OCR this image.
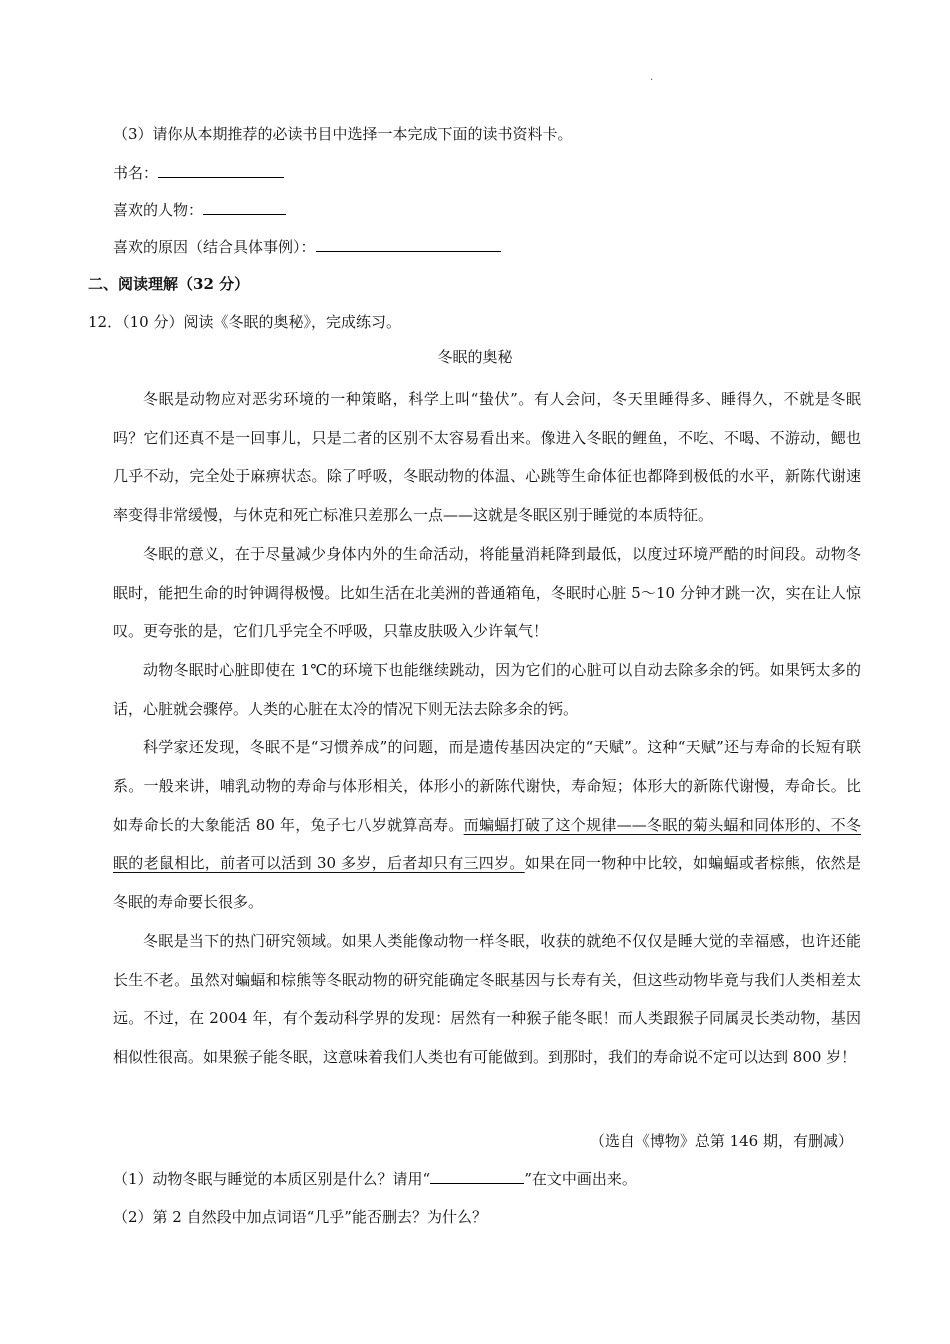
.
（3）请你从本期推荐的必读书目中选择一本完成下面的读书资料卡。
书名：
喜欢的人物：
喜欢的原因（结合具体事例）：
二、阅读理解（32 分）
12．（10 分）阅读《冬眠的奥秘》，完成练习。
冬眠的奥秘

冬眠是动物应对恶劣环境的一种策略，科学上叫“蛰伏”。有人会问，冬天里睡得多、睡得久，不就是冬眠吗？它们还真不是一回事儿，只是二者的区别不太容易看出来。像进入冬眠的鲤鱼，不吃、不喝、不游动，鳃也几乎不动，完全处于麻痹状态。除了呼吸，冬眠动物的体温、心跳等生命体征也都降到极低的水平，新陈代谢速率变得非常缓慢，与休克和死亡标准只差那么一点——这就是冬眠区别于睡觉的本质特征。

冬眠的意义，在于尽量减少身体内外的生命活动，将能量消耗降到最低，以度过环境严酷的时间段。动物冬眠时，能把生命的时钟调得极慢。比如生活在北美洲的普通箱龟，冬眠时心脏 5～10 分钟才跳一次，实在让人惊叹。更夸张的是，它们几乎完全不呼吸，只靠皮肤吸入少许氧气！

动物冬眠时心脏即使在 1℃的环境下也能继续跳动，因为它们的心脏可以自动去除多余的钙。如果钙太多的话，心脏就会骤停。人类的心脏在太冷的情况下则无法去除多余的钙。

科学家还发现，冬眠不是“习惯养成”的问题，而是遗传基因决定的“天赋”。这种“天赋”还与寿命的长短有联系。一般来讲，哺乳动物的寿命与体形相关，体形小的新陈代谢快，寿命短；体形大的新陈代谢慢，寿命长。比如寿命长的大象能活 80 年，兔子七八岁就算高寿。而蝙蝠打破了这个规律——冬眠的菊头蝠和同体形的、不冬眠的老鼠相比，前者可以活到 30 多岁，后者却只有三四岁。如果在同一物种中比较，如蝙蝠或者棕熊，依然是冬眠的寿命要长很多。

冬眠是当下的热门研究领域。如果人类能像动物一样冬眠，收获的就绝不仅仅是睡大觉的幸福感，也许还能长生不老。虽然对蝙蝠和棕熊等冬眠动物的研究能确定冬眠基因与长寿有关，但这些动物毕竟与我们人类相差太远。不过，在 2004 年，有个轰动科学界的发现：居然有一种猴子能冬眠！而人类跟猴子同属灵长类动物，基因相似性很高。如果猴子能冬眠，这意味着我们人类也有可能做到。到那时，我们的寿命说不定可以达到 800 岁！

（选自《博物》总第 146 期，有删减）
（1）动物冬眠与睡觉的本质区别是什么？请用“	”在文中画出来。
（2）第 2 自然段中加点词语“几乎”能否删去？为什么？
